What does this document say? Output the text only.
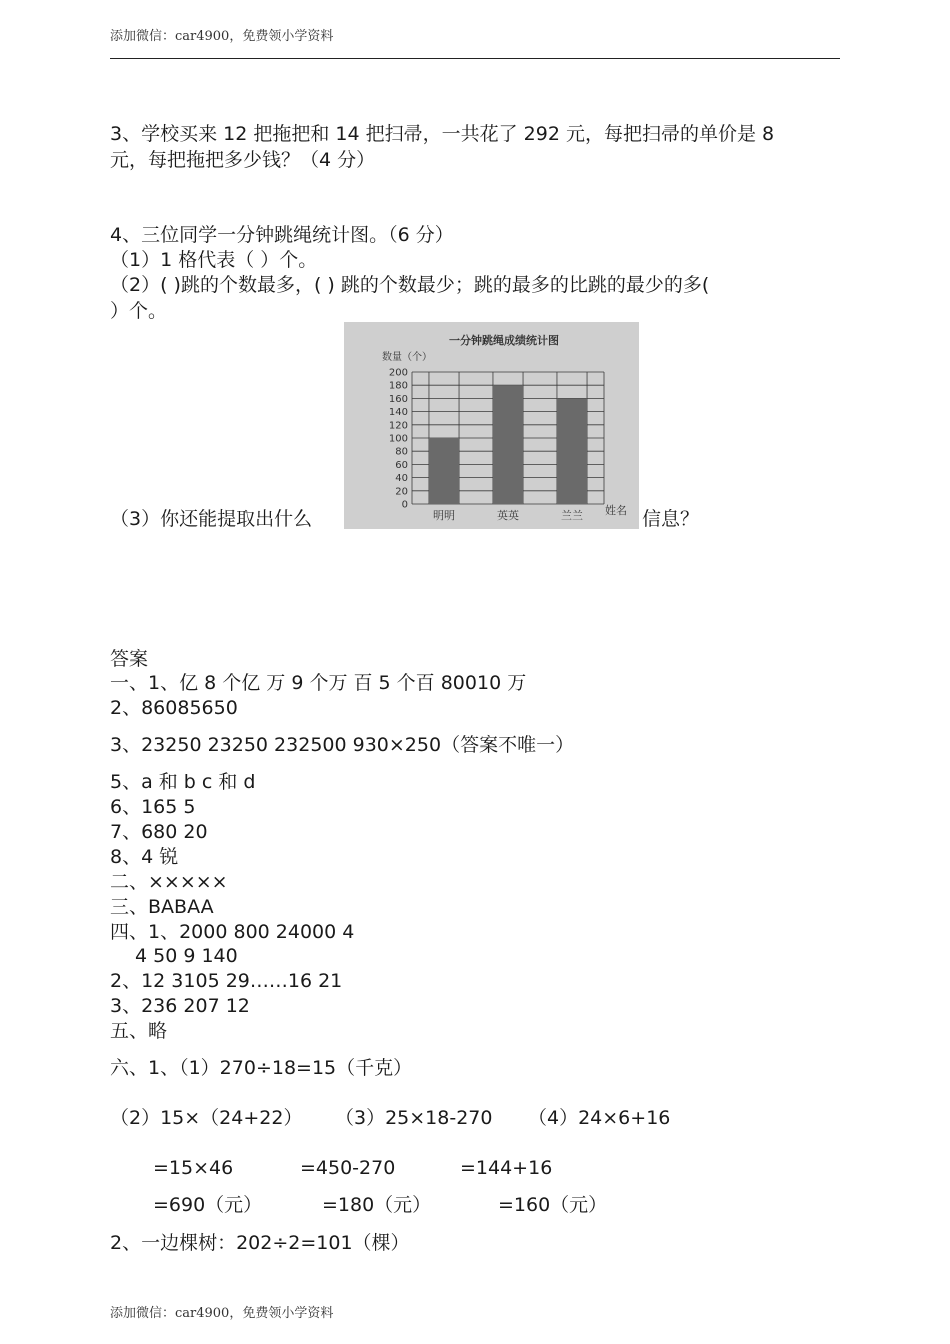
添加微信：car4900，免费领小学资料
3、学校买来 12 把拖把和 14 把扫帚，一共花了 292 元，每把扫帚的单价是 8
元，每把拖把多少钱？（4 分）
4、三位同学一分钟跳绳统计图。（6 分）
（1）1 格代表（ ）个。
（2）( )跳的个数最多，( ) 跳的个数最少；跳的最多的比跳的最少的多(
）个。
一分钟跳绳成绩统计图
数量（个）
姓名
0
20
40
60
80
100
120
140
160
180
200
明明	英英	兰兰
（3）你还能提取出什么	信息？
答案
一、1、亿 8 个亿 万 9 个万 百 5 个百 80010 万
2、86085650
3、23250 23250 232500 930×250（答案不唯一）
5、a 和 b c 和 d
6、165 5
7、680 20
8、4 锐
二、×××××
三、BABAA
四、1、2000 800 24000 4
4 50 9 140
2、12 3105 29……16 21
3、236 207 12
五、略
六、1、（1）270÷18=15（千克）
（2）15×（24+22） （3）25×18-270 （4）24×6+16
=15×46	=450-270	=144+16
=690（元）	=180（元）	=160（元）
2、一边棵树：202÷2=101（棵）
添加微信：car4900，免费领小学资料
